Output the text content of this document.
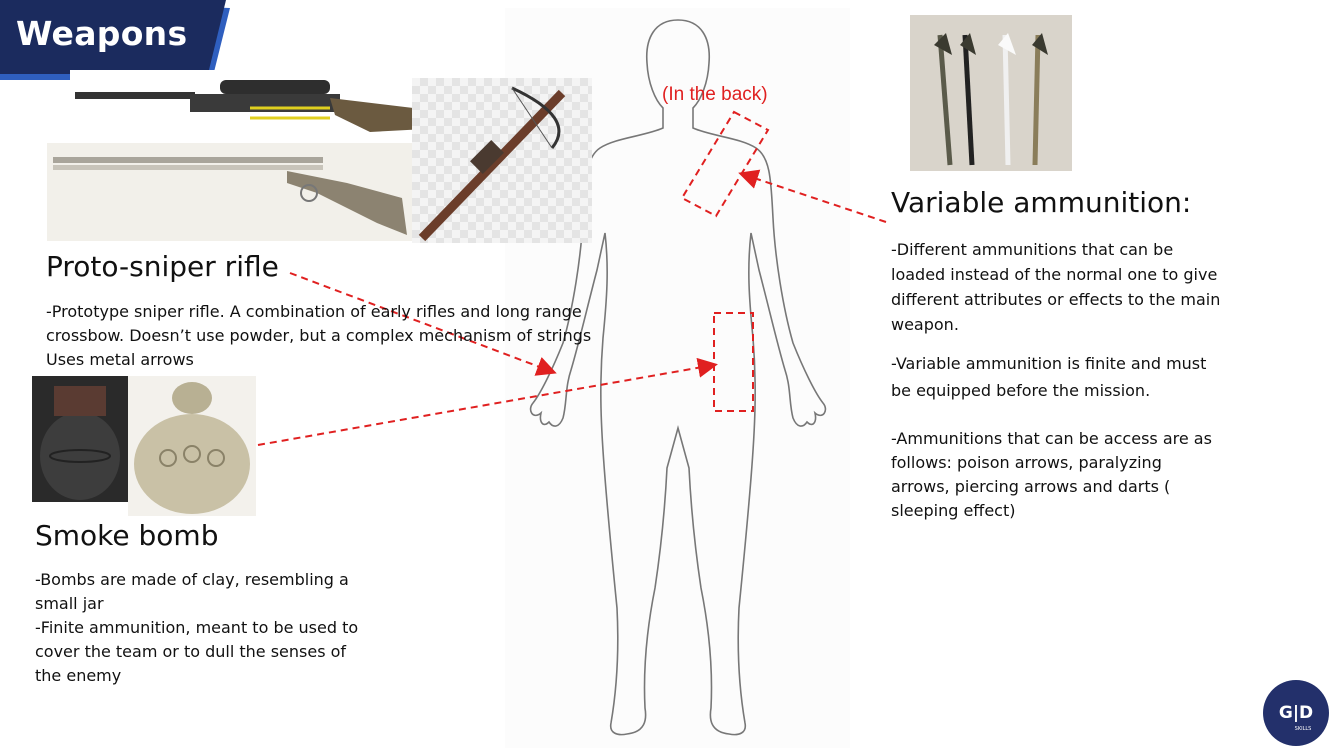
Weapons
(In the back)
Proto-sniper rifle
-Prototype sniper rifle. A combination of early rifles and long range
crossbow. Doesn’t use powder, but a complex mechanism of strings
Uses metal arrows
Smoke bomb
-Bombs are made of clay, resembling a
small jar
-Finite ammunition, meant to be used to
cover the team or to dull the senses of
the enemy
Variable ammunition:
-Different ammunitions that can be
loaded instead of the normal one to give
different attributes or effects to the main
weapon.
-Variable ammunition is finite and must
be equipped before the mission.
-Ammunitions that can be access are as
follows: poison arrows, paralyzing
arrows, piercing arrows and darts (
sleeping effect)
G|D
SKILLS
